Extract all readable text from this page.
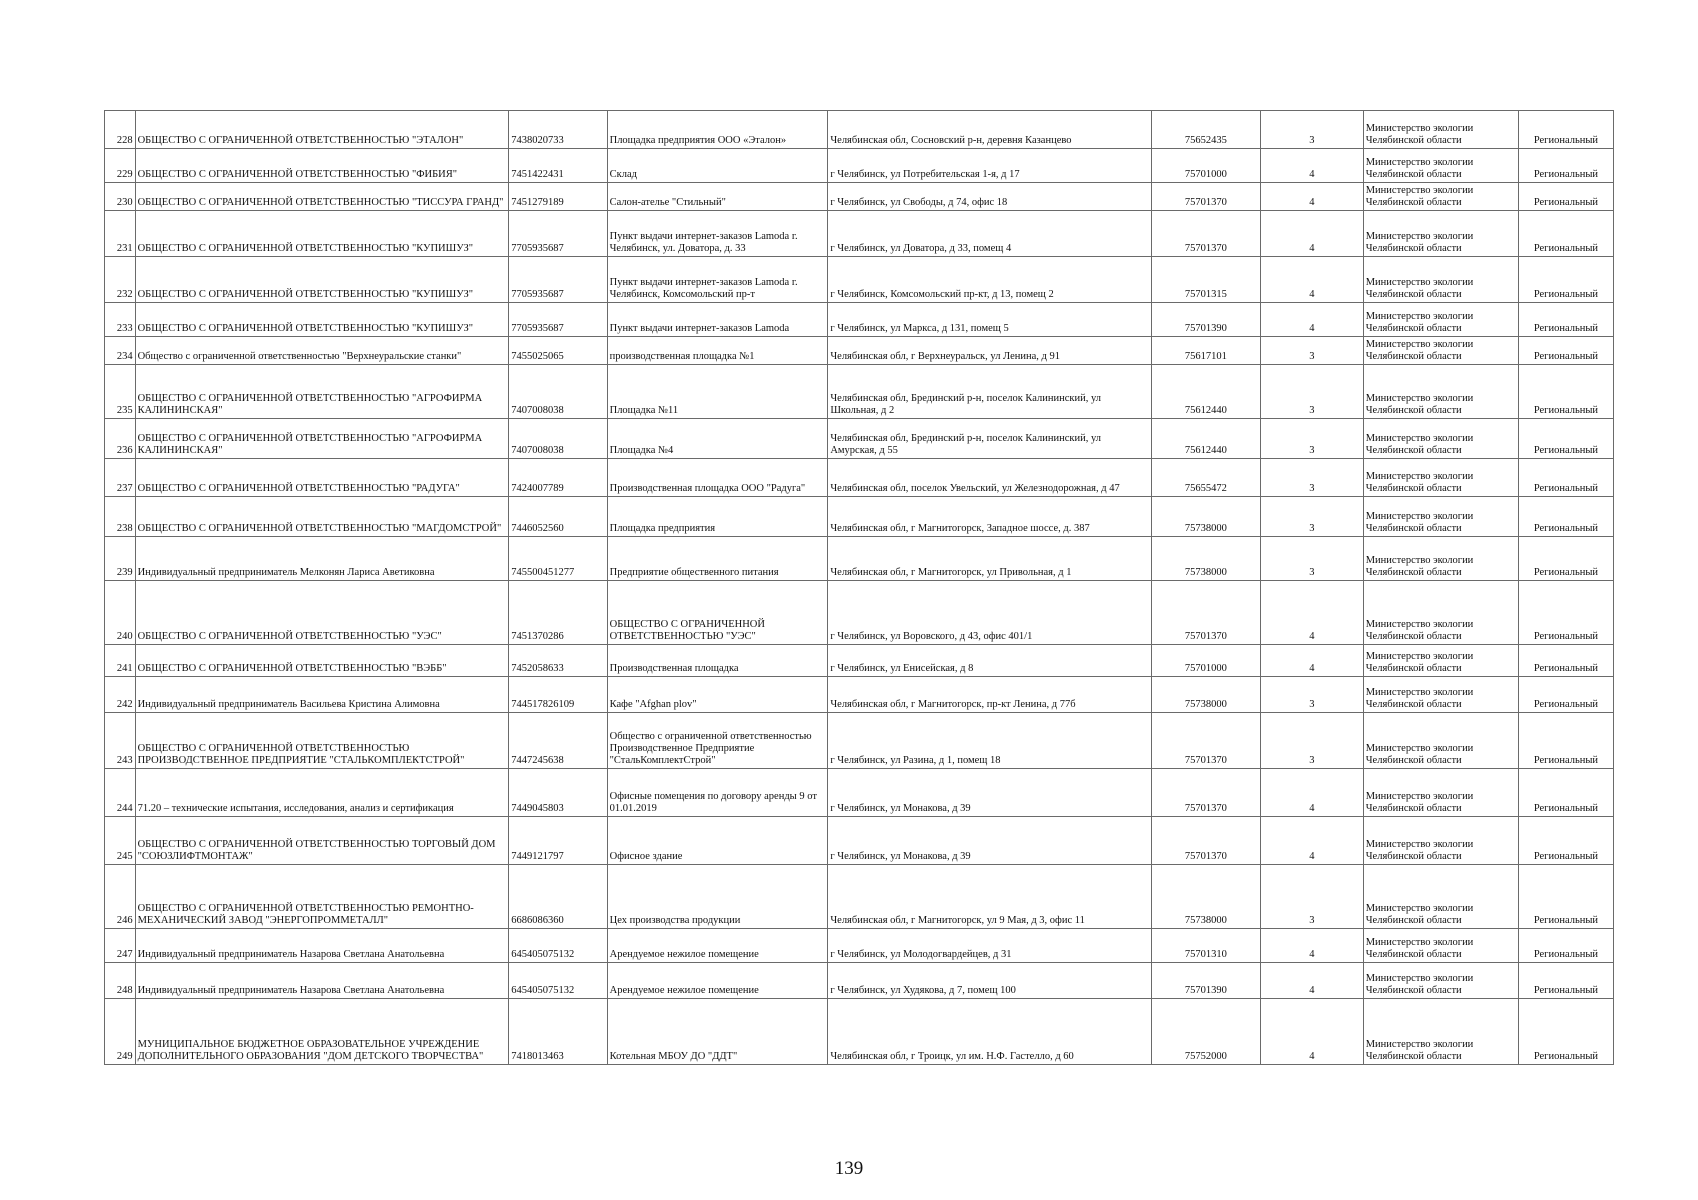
228	ОБЩЕСТВО С ОГРАНИЧЕННОЙ ОТВЕТСТВЕННОСТЬЮ "ЭТАЛОН"	7438020733	Площадка предприятия ООО «Эталон»	Челябинская обл, Сосновский р-н, деревня Казанцево	75652435	3	Министерство экологии Челябинской области	Региональный
229	ОБЩЕСТВО С ОГРАНИЧЕННОЙ ОТВЕТСТВЕННОСТЬЮ "ФИБИЯ"	7451422431	Склад	г Челябинск, ул Потребительская 1-я, д 17	75701000	4	Министерство экологии Челябинской области	Региональный
230	ОБЩЕСТВО С ОГРАНИЧЕННОЙ ОТВЕТСТВЕННОСТЬЮ "ТИССУРА ГРАНД"	7451279189	Салон-ателье "Стильный"	г Челябинск, ул Свободы, д 74, офис 18	75701370	4	Министерство экологии Челябинской области	Региональный
231	ОБЩЕСТВО С ОГРАНИЧЕННОЙ ОТВЕТСТВЕННОСТЬЮ "КУПИШУЗ"	7705935687	Пункт выдачи интернет-заказов Lamoda г. Челябинск, ул. Доватора, д. 33	г Челябинск, ул Доватора, д 33, помещ 4	75701370	4	Министерство экологии Челябинской области	Региональный
232	ОБЩЕСТВО С ОГРАНИЧЕННОЙ ОТВЕТСТВЕННОСТЬЮ "КУПИШУЗ"	7705935687	Пункт выдачи интернет-заказов Lamoda г. Челябинск, Комсомольский пр-т	г Челябинск, Комсомольский пр-кт, д 13, помещ 2	75701315	4	Министерство экологии Челябинской области	Региональный
233	ОБЩЕСТВО С ОГРАНИЧЕННОЙ ОТВЕТСТВЕННОСТЬЮ "КУПИШУЗ"	7705935687	Пункт выдачи интернет-заказов Lamoda	г Челябинск, ул Маркса, д 131, помещ 5	75701390	4	Министерство экологии Челябинской области	Региональный
234	Общество с ограниченной ответственностью "Верхнеуральские станки"	7455025065	производственная площадка №1	Челябинская обл, г Верхнеуральск, ул Ленина, д 91	75617101	3	Министерство экологии Челябинской области	Региональный
235	ОБЩЕСТВО С ОГРАНИЧЕННОЙ ОТВЕТСТВЕННОСТЬЮ "АГРОФИРМА КАЛИНИНСКАЯ"	7407008038	Площадка №11	Челябинская обл, Брединский р-н, поселок Калининский, ул Школьная, д 2	75612440	3	Министерство экологии Челябинской области	Региональный
236	ОБЩЕСТВО С ОГРАНИЧЕННОЙ ОТВЕТСТВЕННОСТЬЮ "АГРОФИРМА КАЛИНИНСКАЯ"	7407008038	Площадка №4	Челябинская обл, Брединский р-н, поселок Калининский, ул Амурская, д 55	75612440	3	Министерство экологии Челябинской области	Региональный
237	ОБЩЕСТВО С ОГРАНИЧЕННОЙ ОТВЕТСТВЕННОСТЬЮ "РАДУГА"	7424007789	Производственная площадка ООО "Радуга"	Челябинская обл, поселок Увельский, ул Железнодорожная, д 47	75655472	3	Министерство экологии Челябинской области	Региональный
238	ОБЩЕСТВО С ОГРАНИЧЕННОЙ ОТВЕТСТВЕННОСТЬЮ "МАГДОМСТРОЙ"	7446052560	Площадка предприятия	Челябинская обл, г Магнитогорск, Западное шоссе, д. 387	75738000	3	Министерство экологии Челябинской области	Региональный
239	Индивидуальный предприниматель Мелконян Лариса Аветиковна	745500451277	Предприятие общественного питания	Челябинская обл, г Магнитогорск, ул Привольная, д 1	75738000	3	Министерство экологии Челябинской области	Региональный
240	ОБЩЕСТВО С ОГРАНИЧЕННОЙ ОТВЕТСТВЕННОСТЬЮ "УЭС"	7451370286	ОБЩЕСТВО С ОГРАНИЧЕННОЙ ОТВЕТСТВЕННОСТЬЮ "УЭС"	г Челябинск, ул Воровского, д 43, офис 401/1	75701370	4	Министерство экологии Челябинской области	Региональный
241	ОБЩЕСТВО С ОГРАНИЧЕННОЙ ОТВЕТСТВЕННОСТЬЮ "ВЭББ"	7452058633	Производственная площадка	г Челябинск, ул Енисейская, д 8	75701000	4	Министерство экологии Челябинской области	Региональный
242	Индивидуальный предприниматель Васильева Кристина Алимовна	744517826109	Кафе "Afghan plov"	Челябинская обл, г Магнитогорск, пр-кт Ленина, д 77б	75738000	3	Министерство экологии Челябинской области	Региональный
243	ОБЩЕСТВО С ОГРАНИЧЕННОЙ ОТВЕТСТВЕННОСТЬЮ ПРОИЗВОДСТВЕННОЕ ПРЕДПРИЯТИЕ "СТАЛЬКОМПЛЕКТСТРОЙ"	7447245638	Общество с ограниченной ответственностью Производственное Предприятие "СтальКомплектСтрой"	г Челябинск, ул Разина, д 1, помещ 18	75701370	3	Министерство экологии Челябинской области	Региональный
244	71.20 – технические испытания, исследования, анализ и сертификация	7449045803	Офисные помещения по договору аренды 9 от 01.01.2019	г Челябинск, ул Монакова, д 39	75701370	4	Министерство экологии Челябинской области	Региональный
245	ОБЩЕСТВО С ОГРАНИЧЕННОЙ ОТВЕТСТВЕННОСТЬЮ ТОРГОВЫЙ ДОМ "СОЮЗЛИФТМОНТАЖ"	7449121797	Офисное здание	г Челябинск, ул Монакова, д 39	75701370	4	Министерство экологии Челябинской области	Региональный
246	ОБЩЕСТВО С ОГРАНИЧЕННОЙ ОТВЕТСТВЕННОСТЬЮ РЕМОНТНО-МЕХАНИЧЕСКИЙ ЗАВОД "ЭНЕРГОПРОММЕТАЛЛ"	6686086360	Цех производства продукции	Челябинская обл, г Магнитогорск, ул 9 Мая, д 3, офис 11	75738000	3	Министерство экологии Челябинской области	Региональный
247	Индивидуальный предприниматель Назарова Светлана Анатольевна	645405075132	Арендуемое нежилое помещение	г Челябинск, ул Молодогвардейцев, д 31	75701310	4	Министерство экологии Челябинской области	Региональный
248	Индивидуальный предприниматель Назарова Светлана Анатольевна	645405075132	Арендуемое нежилое помещение	г Челябинск, ул Худякова, д 7, помещ 100	75701390	4	Министерство экологии Челябинской области	Региональный
249	МУНИЦИПАЛЬНОЕ БЮДЖЕТНОЕ ОБРАЗОВАТЕЛЬНОЕ УЧРЕЖДЕНИЕ ДОПОЛНИТЕЛЬНОГО ОБРАЗОВАНИЯ "ДОМ ДЕТСКОГО ТВОРЧЕСТВА"	7418013463	Котельная МБОУ ДО "ДДТ"	Челябинская обл, г Троицк, ул им. Н.Ф. Гастелло, д 60	75752000	4	Министерство экологии Челябинской области	Региональный
139
